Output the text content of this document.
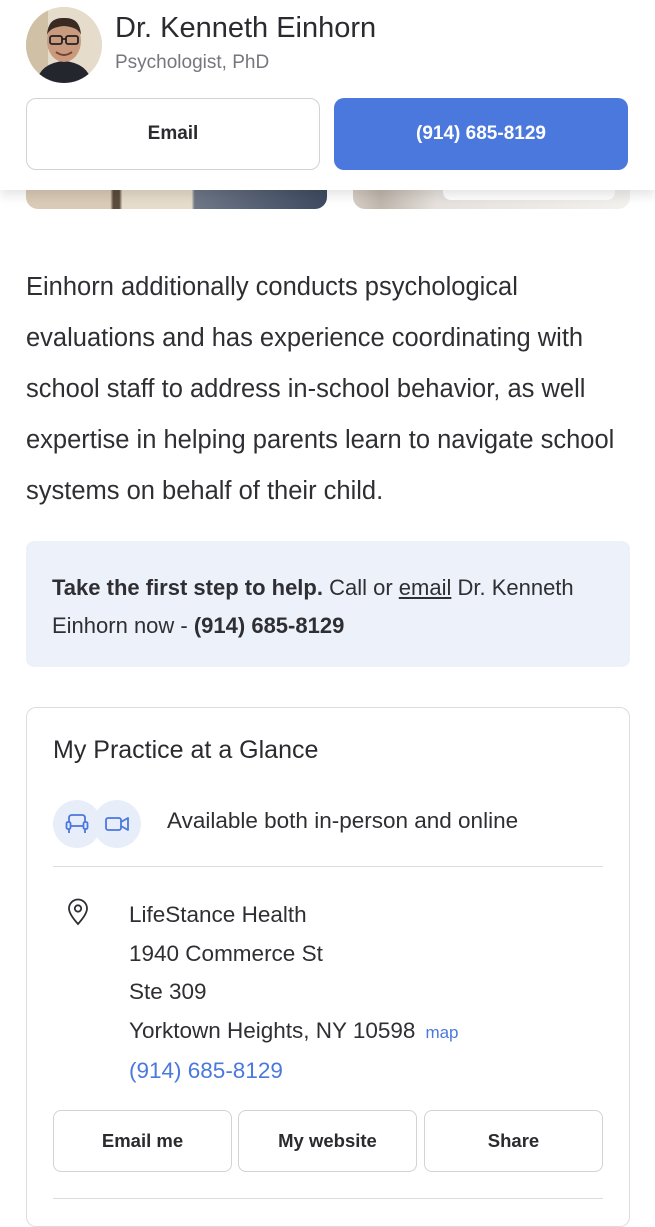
Dr. Kenneth Einhorn
Psychologist, PhD
Email	(914) 685-8129
Einhorn additionally conducts psychological evaluations and has experience coordinating with school staff to address in-school behavior, as well expertise in helping parents learn to navigate school systems on behalf of their child.
Take the first step to help. Call or email Dr. Kenneth Einhorn now - (914) 685-8129
My Practice at a Glance
Available both in-person and online
LifeStance Health
1940 Commerce St
Ste 309
Yorktown Heights, NY 10598 map
(914) 685-8129
Email me	My website	Share
